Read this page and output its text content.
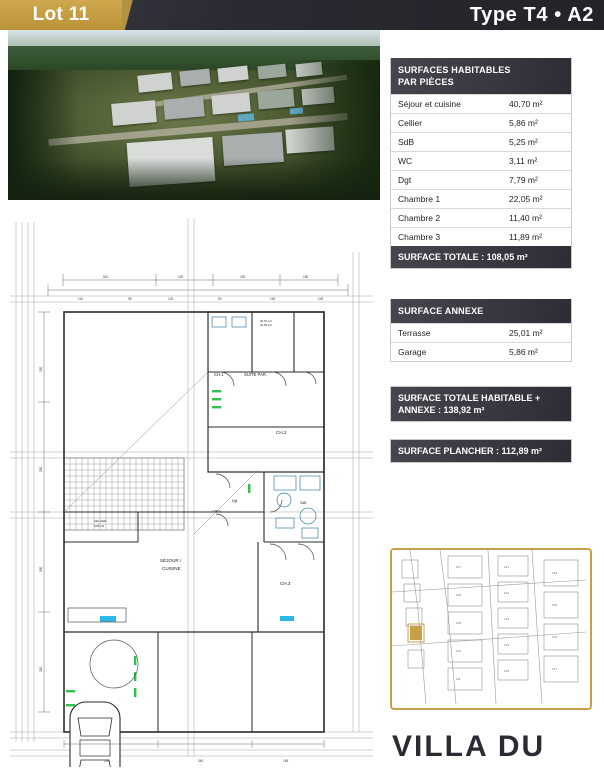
Lot 11	Type T4 • A2
SURFACES HABITABLES
PAR PIÈCES
Séjour et cuisine	40,70 m²
Cellier	5,86 m²
SdB	5,25 m²
WC	3,11 m²
Dgt	7,79 m²
Chambre 1	22,05 m²
Chambre 2	11,40 m²
Chambre 3	11,89 m²
SURFACE TOTALE : 108,05 m²
SURFACE ANNEXE
Terrasse	25,01 m²
Garage	5,86 m²
SURFACE TOTALE HABITABLE +
ANNEXE : 138,92 m²
SURFACE PLANCHER : 112,89 m²
510	100	230	180
110	95	120	90	140	100
320
250
300
210
CH.1	SUITE PAR.
CH.2
CH.3
SÉJOUR /
CUISINE
SdB
Dgt
CELLIER
5,86 m2
7,98 m
40,70 m2
22,05 m2
195	340	165
107
108
109
110
111
121
122
123
124
125
134
135
136
137
VILLA DU
